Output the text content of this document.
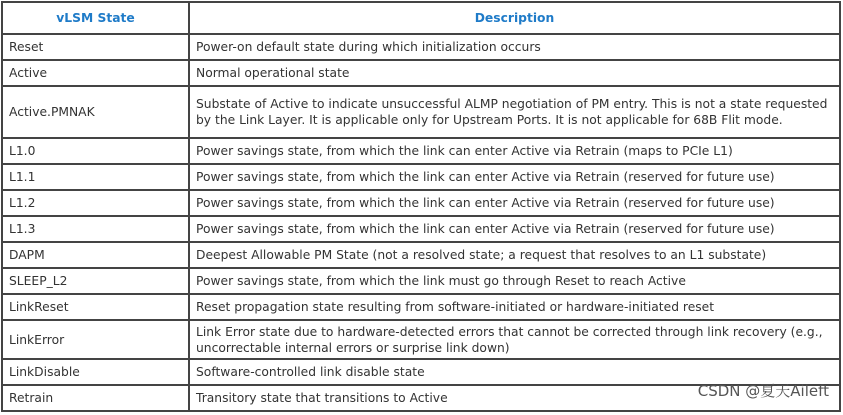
vLSM State	Description
Reset	Power-on default state during which initialization occurs
Active	Normal operational state
Active.PMNAK	Substate of Active to indicate unsuccessful ALMP negotiation of PM entry. This is not a state requested by the Link Layer. It is applicable only for Upstream Ports. It is not applicable for 68B Flit mode.
L1.0	Power savings state, from which the link can enter Active via Retrain (maps to PCIe L1)
L1.1	Power savings state, from which the link can enter Active via Retrain (reserved for future use)
L1.2	Power savings state, from which the link can enter Active via Retrain (reserved for future use)
L1.3	Power savings state, from which the link can enter Active via Retrain (reserved for future use)
DAPM	Deepest Allowable PM State (not a resolved state; a request that resolves to an L1 substate)
SLEEP_L2	Power savings state, from which the link must go through Reset to reach Active
LinkReset	Reset propagation state resulting from software-initiated or hardware-initiated reset
LinkError	Link Error state due to hardware-detected errors that cannot be corrected through link recovery (e.g., uncorrectable internal errors or surprise link down)
LinkDisable	Software-controlled link disable state
Retrain	Transitory state that transitions to Active	CSDN @夏天Aileft
